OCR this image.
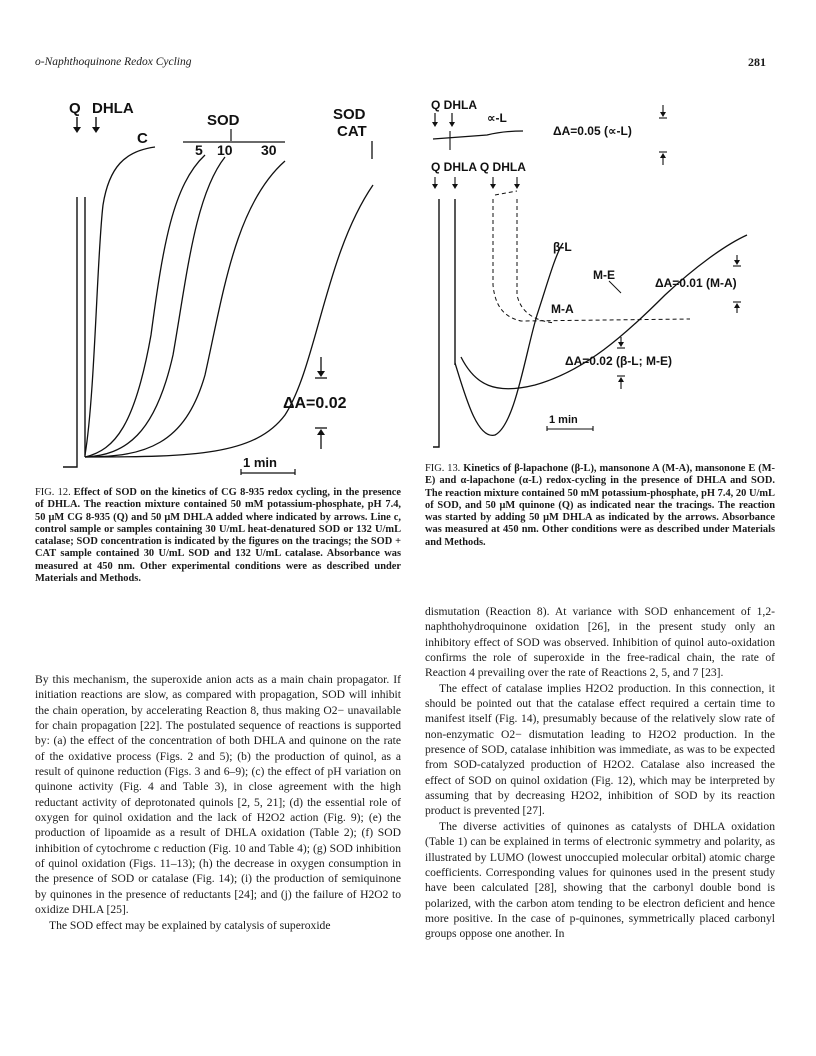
o-Naphthoquinone Redox Cycling	281
Q DHLA
SOD	SOD
CAT
C
5 10 30
ΔA=0.02
1 min
FIG. 12. Effect of SOD on the kinetics of CG 8-935 redox cycling, in the presence of DHLA. The reaction mixture contained 50 mM potassium-phosphate, pH 7.4, 50 μM CG 8-935 (Q) and 50 μM DHLA added where indicated by arrows. Line c, control sample or samples containing 30 U/mL heat-denatured SOD or 132 U/mL catalase; SOD concentration is indicated by the figures on the tracings; the SOD + CAT sample contained 30 U/mL SOD and 132 U/mL catalase. Absorbance was measured at 450 nm. Other experimental conditions were as described under Materials and Methods.
Q DHLA
∝-L
ΔA=0.05 (∝-L)
Q DHLA Q DHLA
β-L
M-E
M-A
ΔA=0.01 (M-A)
ΔA=0.02 (β-L; M-E)
1 min
FIG. 13. Kinetics of β-lapachone (β-L), mansonone A (M-A), mansonone E (M-E) and α-lapachone (α-L) redox-cycling in the presence of DHLA and SOD. The reaction mixture contained 50 mM potassium-phosphate, pH 7.4, 20 U/mL of SOD, and 50 μM quinone (Q) as indicated near the tracings. The reaction was started by adding 50 μM DHLA as indicated by the arrows. Absorbance was measured at 450 nm. Other conditions were as described under Materials and Methods.

By this mechanism, the superoxide anion acts as a main chain propagator. If initiation reactions are slow, as compared with propagation, SOD will inhibit the chain operation, by accelerating Reaction 8, thus making O2− unavailable for chain propagation [22]. The postulated sequence of reactions is supported by: (a) the effect of the concentration of both DHLA and quinone on the rate of the oxidative process (Figs. 2 and 5); (b) the production of quinol, as a result of quinone reduction (Figs. 3 and 6–9); (c) the effect of pH variation on quinone activity (Fig. 4 and Table 3), in close agreement with the high reductant activity of deprotonated quinols [2, 5, 21]; (d) the essential role of oxygen for quinol oxidation and the lack of H2O2 action (Fig. 9); (e) the production of lipoamide as a result of DHLA oxidation (Table 2); (f) SOD inhibition of cytochrome c reduction (Fig. 10 and Table 4); (g) SOD inhibition of quinol oxidation (Figs. 11–13); (h) the decrease in oxygen consumption in the presence of SOD or catalase (Fig. 14); (i) the production of semiquinone by quinones in the presence of reductants [24]; and (j) the failure of H2O2 to oxidize DHLA [25].

The SOD effect may be explained by catalysis of superoxide

dismutation (Reaction 8). At variance with SOD enhancement of 1,2-naphthohydroquinone oxidation [26], in the present study only an inhibitory effect of SOD was observed. Inhibition of quinol auto-oxidation confirms the role of superoxide in the free-radical chain, the rate of Reaction 4 prevailing over the rate of Reactions 2, 5, and 7 [23].

The effect of catalase implies H2O2 production. In this connection, it should be pointed out that the catalase effect required a certain time to manifest itself (Fig. 14), presumably because of the relatively slow rate of non-enzymatic O2− dismutation leading to H2O2 production. In the presence of SOD, catalase inhibition was immediate, as was to be expected from SOD-catalyzed production of H2O2. Catalase also increased the effect of SOD on quinol oxidation (Fig. 12), which may be interpreted by assuming that by decreasing H2O2, inhibition of SOD by its reaction product is prevented [27].

The diverse activities of quinones as catalysts of DHLA oxidation (Table 1) can be explained in terms of electronic symmetry and polarity, as illustrated by LUMO (lowest unoccupied molecular orbital) atomic charge coefficients. Corresponding values for quinones used in the present study have been calculated [28], showing that the carbonyl double bond is polarized, with the carbon atom tending to be electron deficient and hence more positive. In the case of p-quinones, symmetrically placed carbonyl groups oppose one another. In
